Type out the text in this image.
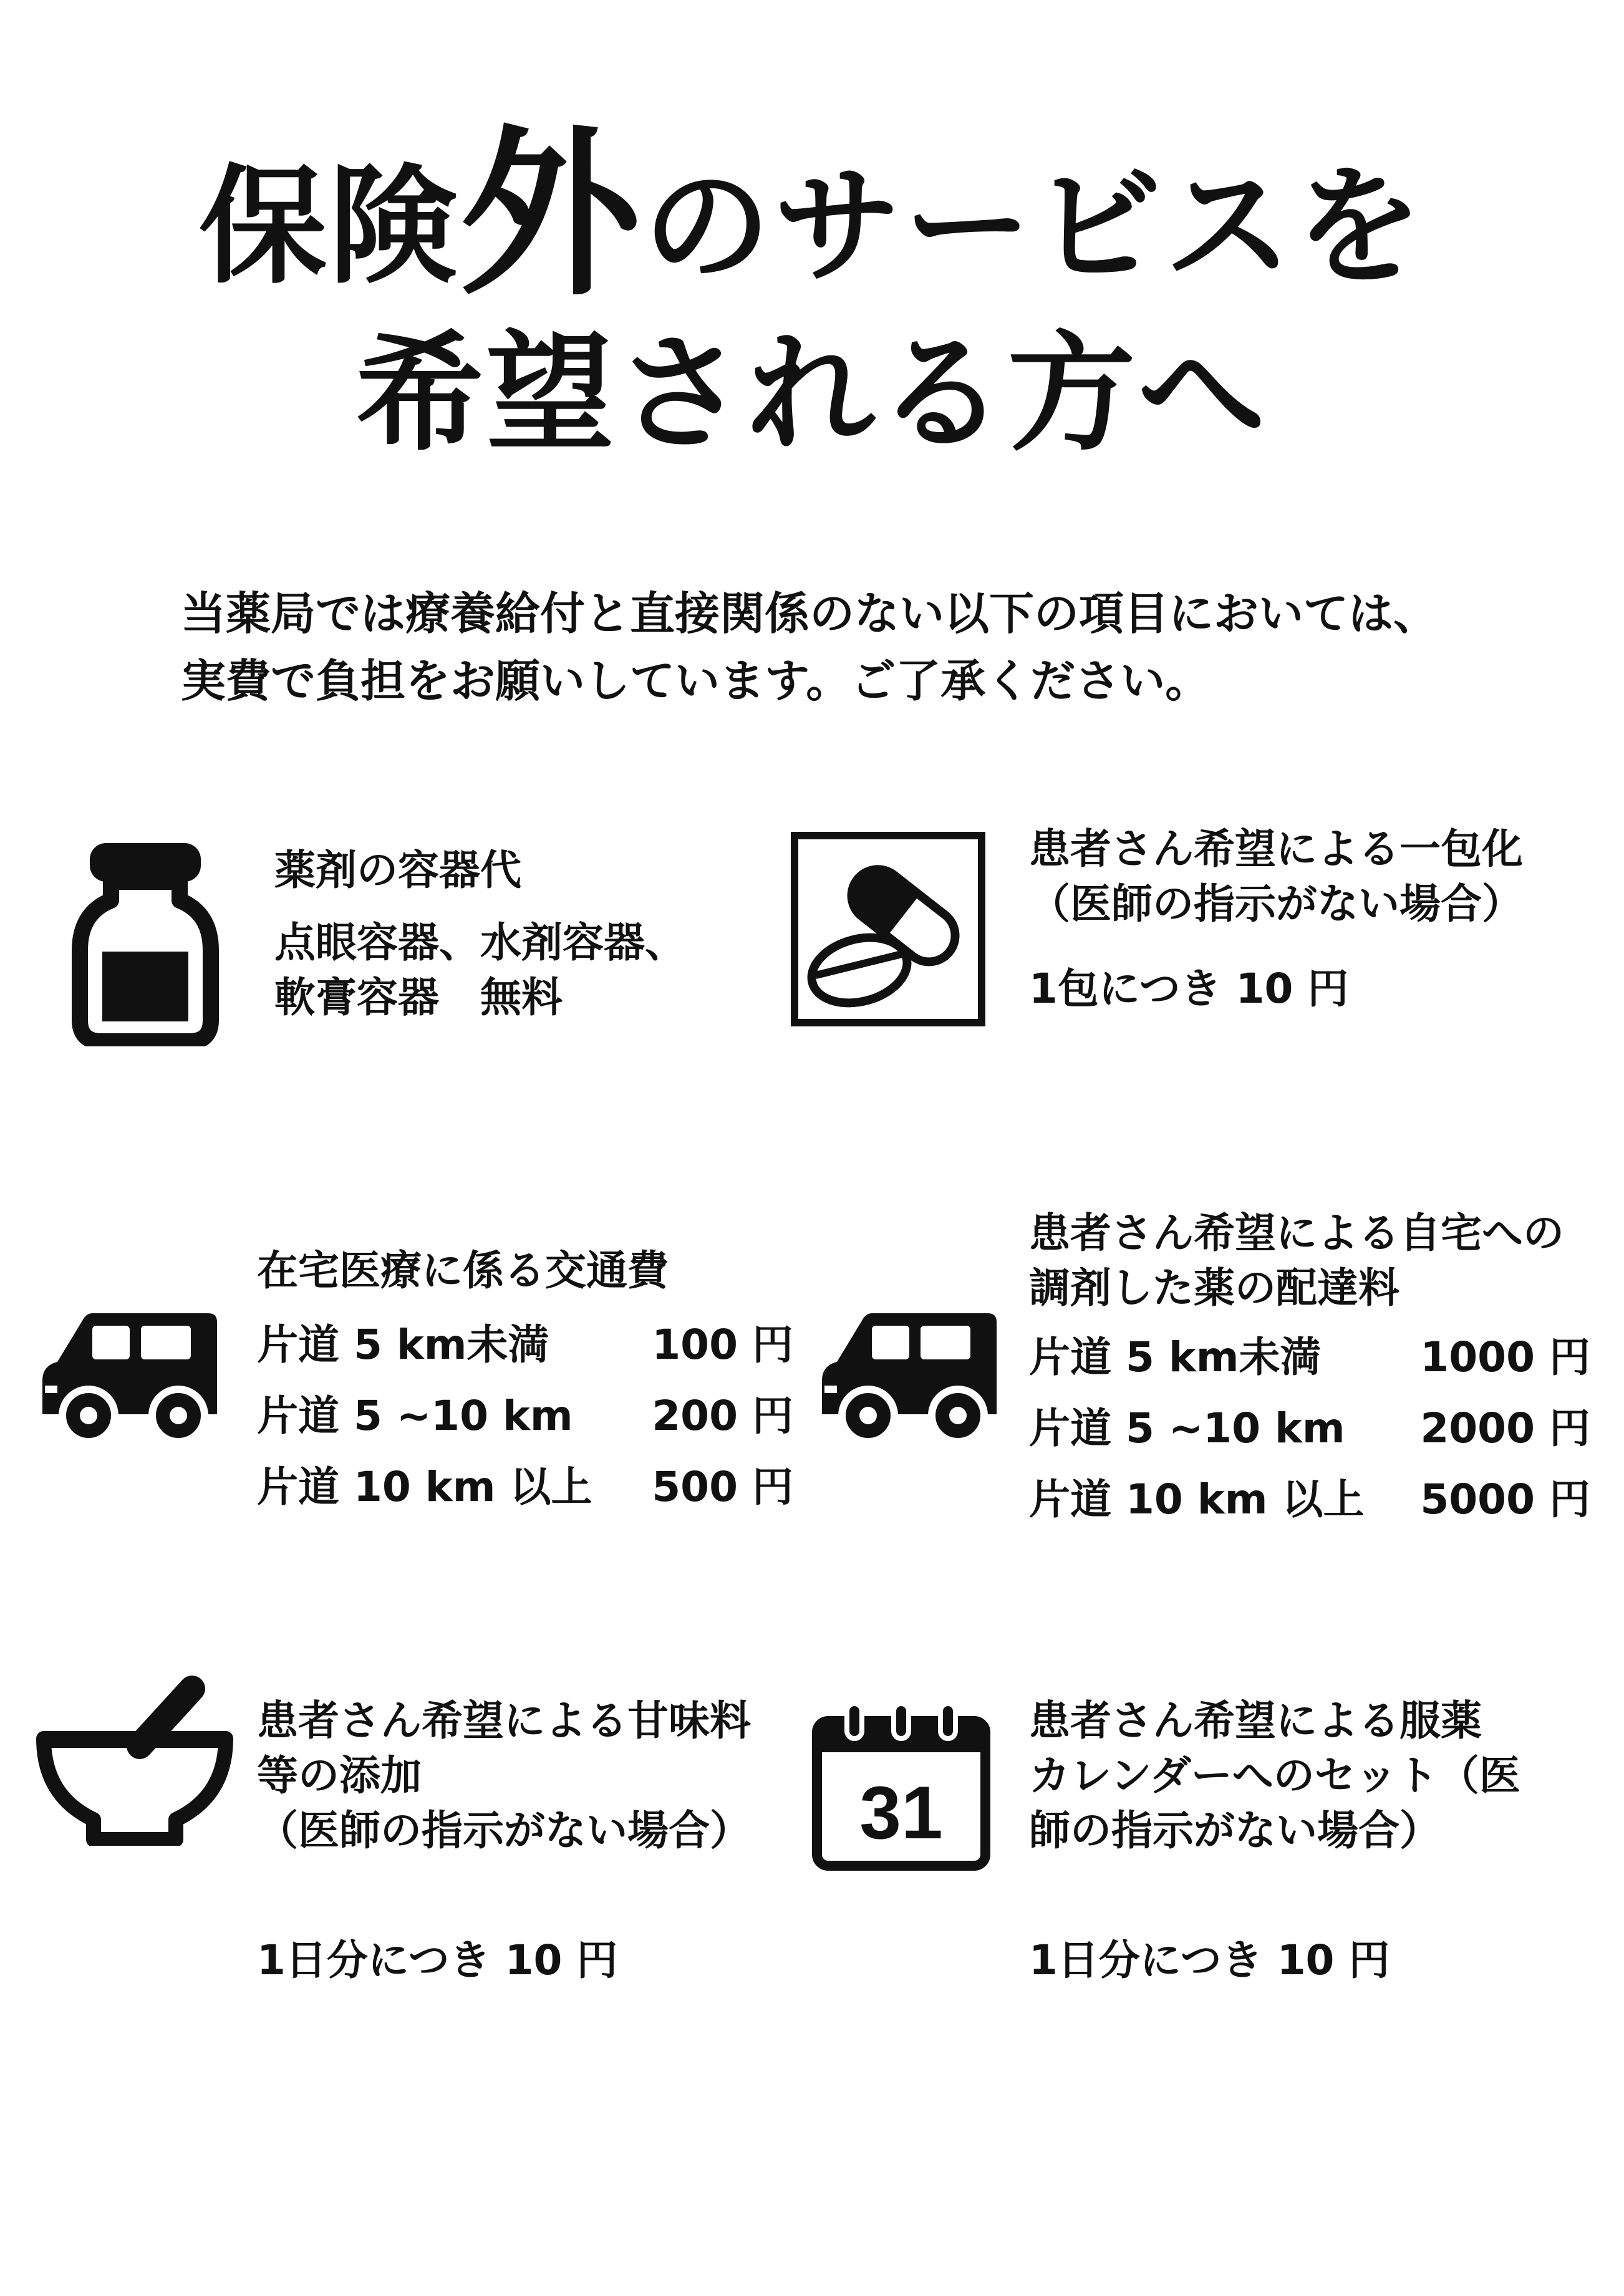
保険外のサービスを
希望される方へ
当薬局では療養給付と直接関係のない以下の項目においては、
実費で負担をお願いしています。ご了承ください。
31
薬剤の容器代
点眼容器、水剤容器、
軟膏容器　無料
患者さん希望による一包化
（医師の指示がない場合）
1包につき 10 円
在宅医療に係る交通費
片道 5 km未満 100 円
片道 5 ~10 km 200 円
片道 10 km 以上 500 円
患者さん希望による自宅への
調剤した薬の配達料
片道 5 km未満 1000 円
片道 5 ~10 km 2000 円
片道 10 km 以上 5000 円
患者さん希望による甘味料
等の添加
（医師の指示がない場合）
1日分につき 10 円
患者さん希望による服薬
カレンダーへのセット（医
師の指示がない場合）
1日分につき 10 円
